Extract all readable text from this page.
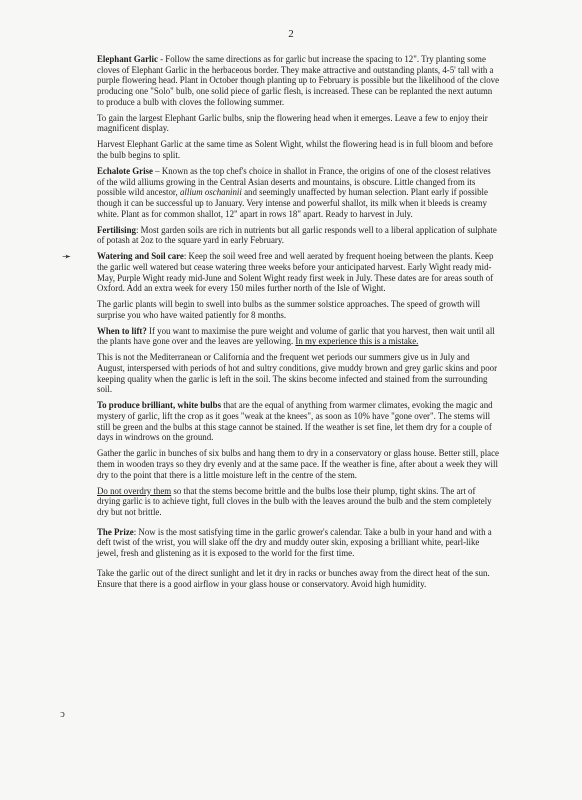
2
➛
ↄ

Elephant Garlic - Follow the same directions as for garlic but increase the spacing to 12". Try planting some cloves of Elephant Garlic in the herbaceous border. They make attractive and outstanding plants, 4-5' tall with a purple flowering head. Plant in October though planting up to February is possible but the likelihood of the clove producing one "Solo" bulb, one solid piece of garlic flesh, is increased. These can be replanted the next autumn to produce a bulb with cloves the following summer.

To gain the largest Elephant Garlic bulbs, snip the flowering head when it emerges. Leave a few to enjoy their magnificent display.

Harvest Elephant Garlic at the same time as Solent Wight, whilst the flowering head is in full bloom and before the bulb begins to split.

Echalote Grise – Known as the top chef's choice in shallot in France, the origins of one of the closest relatives of the wild alliums growing in the Central Asian deserts and mountains, is obscure. Little changed from its possible wild ancestor, allium oschaninii and seemingly unaffected by human selection. Plant early if possible though it can be successful up to January. Very intense and powerful shallot, its milk when it bleeds is creamy white. Plant as for common shallot, 12" apart in rows 18" apart. Ready to harvest in July.

Fertilising: Most garden soils are rich in nutrients but all garlic responds well to a liberal application of sulphate of potash at 2oz to the square yard in early February.

Watering and Soil care: Keep the soil weed free and well aerated by frequent hoeing between the plants. Keep the garlic well watered but cease watering three weeks before your anticipated harvest. Early Wight ready mid-May, Purple Wight ready mid-June and Solent Wight ready first week in July. These dates are for areas south of Oxford. Add an extra week for every 150 miles further north of the Isle of Wight.

The garlic plants will begin to swell into bulbs as the summer solstice approaches. The speed of growth will surprise you who have waited patiently for 8 months.

When to lift? If you want to maximise the pure weight and volume of garlic that you harvest, then wait until all the plants have gone over and the leaves are yellowing. In my experience this is a mistake.

This is not the Mediterranean or California and the frequent wet periods our summers give us in July and August, interspersed with periods of hot and sultry conditions, give muddy brown and grey garlic skins and poor keeping quality when the garlic is left in the soil. The skins become infected and stained from the surrounding soil.

To produce brilliant, white bulbs that are the equal of anything from warmer climates, evoking the magic and mystery of garlic, lift the crop as it goes "weak at the knees", as soon as 10% have "gone over". The stems will still be green and the bulbs at this stage cannot be stained. If the weather is set fine, let them dry for a couple of days in windrows on the ground.

Gather the garlic in bunches of six bulbs and hang them to dry in a conservatory or glass house. Better still, place them in wooden trays so they dry evenly and at the same pace. If the weather is fine, after about a week they will dry to the point that there is a little moisture left in the centre of the stem.

Do not overdry them so that the stems become brittle and the bulbs lose their plump, tight skins. The art of drying garlic is to achieve tight, full cloves in the bulb with the leaves around the bulb and the stem completely dry but not brittle.

The Prize: Now is the most satisfying time in the garlic grower's calendar. Take a bulb in your hand and with a deft twist of the wrist, you will slake off the dry and muddy outer skin, exposing a brilliant white, pearl-like jewel, fresh and glistening as it is exposed to the world for the first time.

Take the garlic out of the direct sunlight and let it dry in racks or bunches away from the direct heat of the sun. Ensure that there is a good airflow in your glass house or conservatory. Avoid high humidity.
